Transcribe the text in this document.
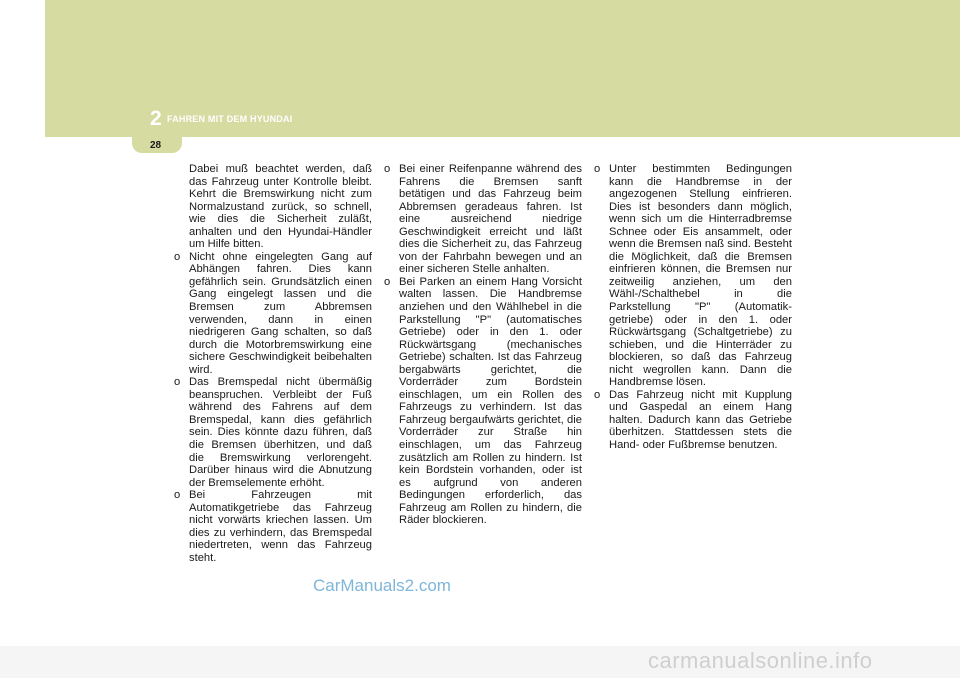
2 FAHREN MIT DEM HYUNDAI
28

Dabei muß beachtet werden, daß das Fahrzeug unter Kontrolle bleibt. Kehrt die Bremswirkung nicht zum Normalzustand zurück, so schnell, wie dies die Sicherheit zuläßt, anhalten und den Hyundai-Händler um Hilfe bitten.

o Nicht ohne eingelegten Gang auf Abhängen fahren. Dies kann gefährlich sein. Grundsätzlich einen Gang eingelegt lassen und die Bremsen zum Abbremsen verwenden, dann in einen niedrigeren Gang schalten, so daß durch die Motorbremswirkung eine sichere Geschwindigkeit beibehalten wird.
o Das Bremspedal nicht übermäßig beanspruchen. Verbleibt der Fuß während des Fahrens auf dem Bremspedal, kann dies gefährlich sein. Dies könnte dazu führen, daß die Bremsen überhitzen, und daß die Bremswirkung verlorengeht. Darüber hinaus wird die Abnutzung der Bremselemente erhöht.
o Bei Fahrzeugen mit Automatikgetriebe das Fahrzeug nicht vorwärts kriechen lassen. Um dies zu verhindern, das Bremspedal niedertreten, wenn das Fahrzeug steht.
o Bei einer Reifenpanne während des Fahrens die Bremsen sanft betätigen und das Fahrzeug beim Abbremsen geradeaus fahren. Ist eine ausreichend niedrige Geschwindigkeit erreicht und läßt dies die Sicherheit zu, das Fahrzeug von der Fahrbahn bewegen und an einer sicheren Stelle anhalten.
o Bei Parken an einem Hang Vorsicht walten lassen. Die Handbremse anziehen und den Wählhebel in die Parkstellung "P" (automatisches Getriebe) oder in den 1. oder Rückwärtsgang (mechanisches Getriebe) schalten. Ist das Fahrzeug bergabwärts gerichtet, die Vorderräder zum Bordstein einschlagen, um ein Rollen des Fahrzeugs zu verhindern. Ist das Fahrzeug bergaufwärts gerichtet, die Vorderräder zur Straße hin einschlagen, um das Fahrzeug zusätzlich am Rollen zu hindern. Ist kein Bordstein vorhanden, oder ist es aufgrund von anderen Bedingungen erforderlich, das Fahrzeug am Rollen zu hindern, die Räder blockieren.
o Unter bestimmten Bedingungen kann die Handbremse in der angezogenen Stellung einfrieren. Dies ist besonders dann möglich, wenn sich um die Hinterradbremse Schnee oder Eis ansammelt, oder wenn die Bremsen naß sind. Besteht die Möglichkeit, daß die Bremsen einfrieren können, die Bremsen nur zeitweilig anziehen, um den Wähl-/Schalthebel in die Parkstellung "P" (Automatik-getriebe) oder in den 1. oder Rückwärtsgang (Schaltgetriebe) zu schieben, und die Hinterräder zu blockieren, so daß das Fahrzeug nicht wegrollen kann. Dann die Handbremse lösen.
o Das Fahrzeug nicht mit Kupplung und Gaspedal an einem Hang halten. Dadurch kann das Getriebe überhitzen. Stattdessen stets die Hand- oder Fußbremse benutzen.
CarManuals2.com
carmanualsonline.info
